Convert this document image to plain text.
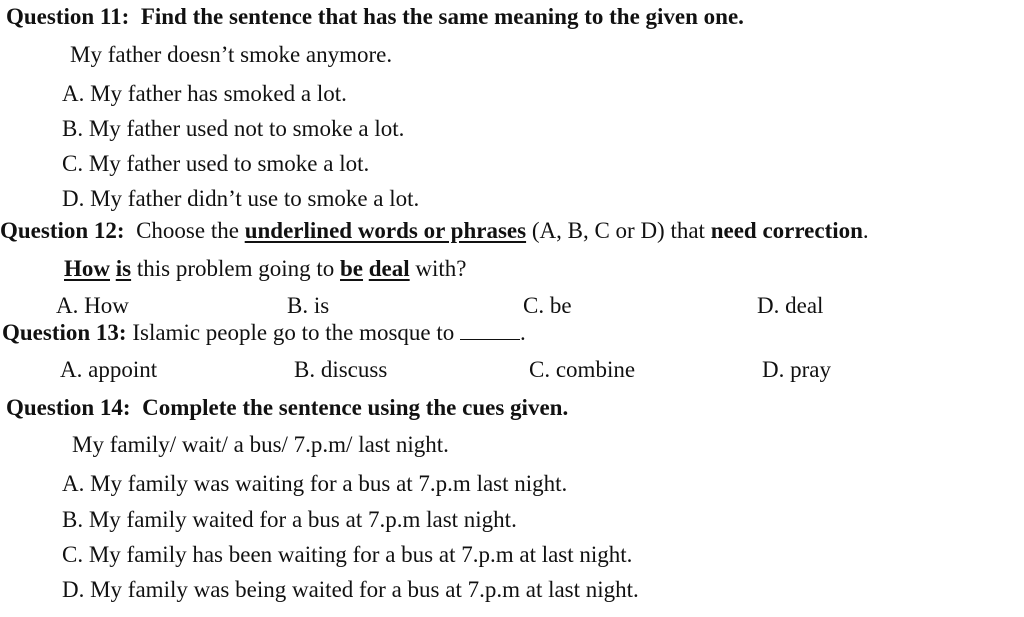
Question 11: Find the sentence that has the same meaning to the given one.
My father doesn’t smoke anymore.
A. My father has smoked a lot.
B. My father used not to smoke a lot.
C. My father used to smoke a lot.
D. My father didn’t use to smoke a lot.
Question 12: Choose the underlined words or phrases (A, B, C or D) that need correction.
How is this problem going to be deal with?
A. How	B. is	C. be	D. deal
Question 13: Islamic people go to the mosque to	.
A. appoint	B. discuss	C. combine	D. pray
Question 14: Complete the sentence using the cues given.
My family/ wait/ a bus/ 7.p.m/ last night.
A. My family was waiting for a bus at 7.p.m last night.
B. My family waited for a bus at 7.p.m last night.
C. My family has been waiting for a bus at 7.p.m at last night.
D. My family was being waited for a bus at 7.p.m at last night.
